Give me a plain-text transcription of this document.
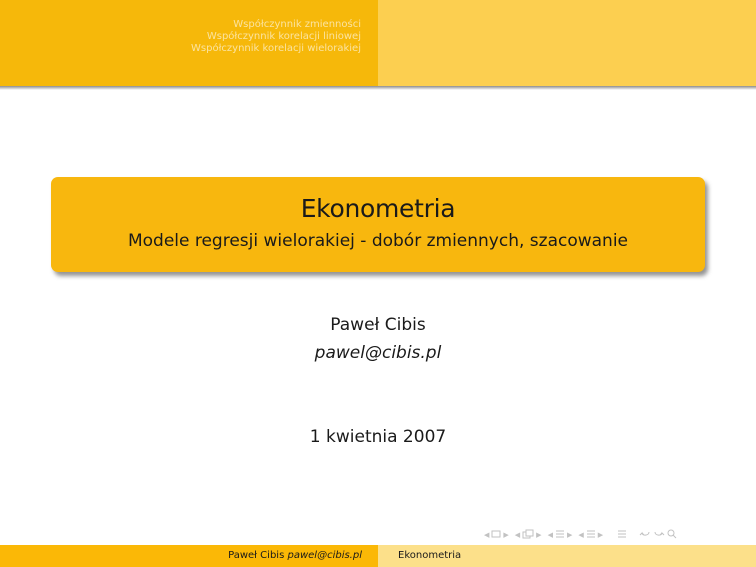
Współczynnik zmienności
Współczynnik korelacji liniowej
Współczynnik korelacji wielorakiej
Ekonometria
Modele regresji wielorakiej - dobór zmiennych, szacowanie
Paweł Cibis
pawel@cibis.pl
1 kwietnia 2007
◀ ▶ ◀ ▶ ◀ ▶ ◀ ▶
Paweł Cibis pawel@cibis.pl	Ekonometria
